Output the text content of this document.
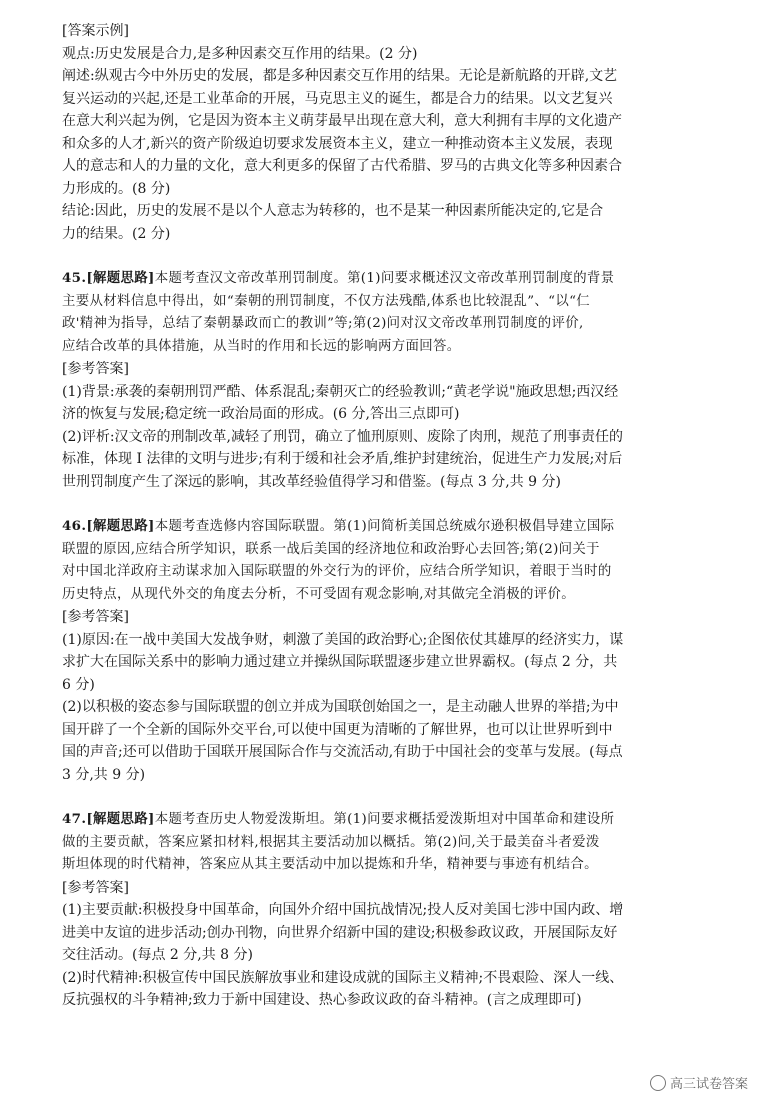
[答案示例]
观点:历史发展是合力,是多种因素交互作用的结果。(2 分)
阐述:纵观古今中外历史的发展，都是多种因素交互作用的结果。无论是新航路的开辟,文艺
复兴运动的兴起,还是工业革命的开展，马克思主义的诞生，都是合力的结果。以文艺复兴
在意大利兴起为例，它是因为资本主义萌芽最早出现在意大利，意大利拥有丰厚的文化遗产
和众多的人才,新兴的资产阶级迫切要求发展资本主义，建立一种推动资本主义发展，表现
人的意志和人的力量的文化，意大利更多的保留了古代希腊、罗马的古典文化等多种因素合
力形成的。(8 分)
结论:因此，历史的发展不是以个人意志为转移的，也不是某一种因素所能决定的,它是合
力的结果。(2 分)
45.[解题思路]本题考查汉文帝改革刑罚制度。第(1)问要求概述汉文帝改革刑罚制度的背景
主要从材料信息中得出，如“秦朝的刑罚制度，不仅方法残酷,体系也比较混乱”、“以“仁
政'精神为指导，总结了秦朝暴政而亡的教训”等;第(2)问对汉文帝改革刑罚制度的评价,
应结合改革的具体措施，从当时的作用和长远的影响两方面回答。
[参考答案]
(1)背景:承袭的秦朝刑罚严酷、体系混乱;秦朝灭亡的经验教训;“黄老学说"施政思想;西汉经
济的恢复与发展;稳定统一政治局面的形成。(6 分,答出三点即可)
(2)评析:汉文帝的刑制改革,减轻了刑罚，确立了恤刑原则、废除了肉刑，规范了刑事责任的
标准，体现 I 法律的文明与进步;有利于缓和社会矛盾,维护封建统治，促进生产力发展;对后
世刑罚制度产生了深远的影响，其改革经验值得学习和借鉴。(每点 3 分,共 9 分)
46.[解题思路]本题考查选修内容国际联盟。第(1)问简析美国总统威尔逊积极倡导建立国际
联盟的原因,应结合所学知识，联系一战后美国的经济地位和政治野心去回答;第(2)问关于
对中国北洋政府主动谋求加入国际联盟的外交行为的评价，应结合所学知识，着眼于当时的
历史特点，从现代外交的角度去分析，不可受固有观念影响,对其做完全消极的评价。
[参考答案]
(1)原因:在一战中美国大发战争财，刺激了美国的政治野心;企图依仗其雄厚的经济实力，谋
求扩大在国际关系中的影响力通过建立并操纵国际联盟逐步建立世界霸权。(每点 2 分，共
6 分)
(2)以积极的姿态参与国际联盟的创立并成为国联创始国之一，是主动融人世界的举措;为中
国开辟了一个全新的国际外交平台,可以使中国更为清晰的了解世界，也可以让世界听到中
国的声音;还可以借助于国联开展国际合作与交流活动,有助于中国社会的变革与发展。(每点
3 分,共 9 分)
47.[解题思路]本题考查历史人物爱泼斯坦。第(1)问要求概括爱泼斯坦对中国革命和建设所
做的主要贡献，答案应紧扣材料,根据其主要活动加以概括。第(2)问,关于最美奋斗者爱泼
斯坦体现的时代精神，答案应从其主要活动中加以提炼和升华，精神要与事迹有机结合。
[参考答案]
(1)主要贡献:积极投身中国革命，向国外介绍中国抗战情况;投人反对美国七涉中国内政、增
进美中友谊的进步活动;创办刊物，向世界介绍新中国的建设;积极参政议政，开展国际友好
交往活动。(每点 2 分,共 8 分)
(2)时代精神:积极宣传中国民族解放事业和建设成就的国际主义精神;不畏艰险、深人一线、
反抗强权的斗争精神;致力于新中国建设、热心参政议政的奋斗精神。(言之成理即可)
高三试卷答案
